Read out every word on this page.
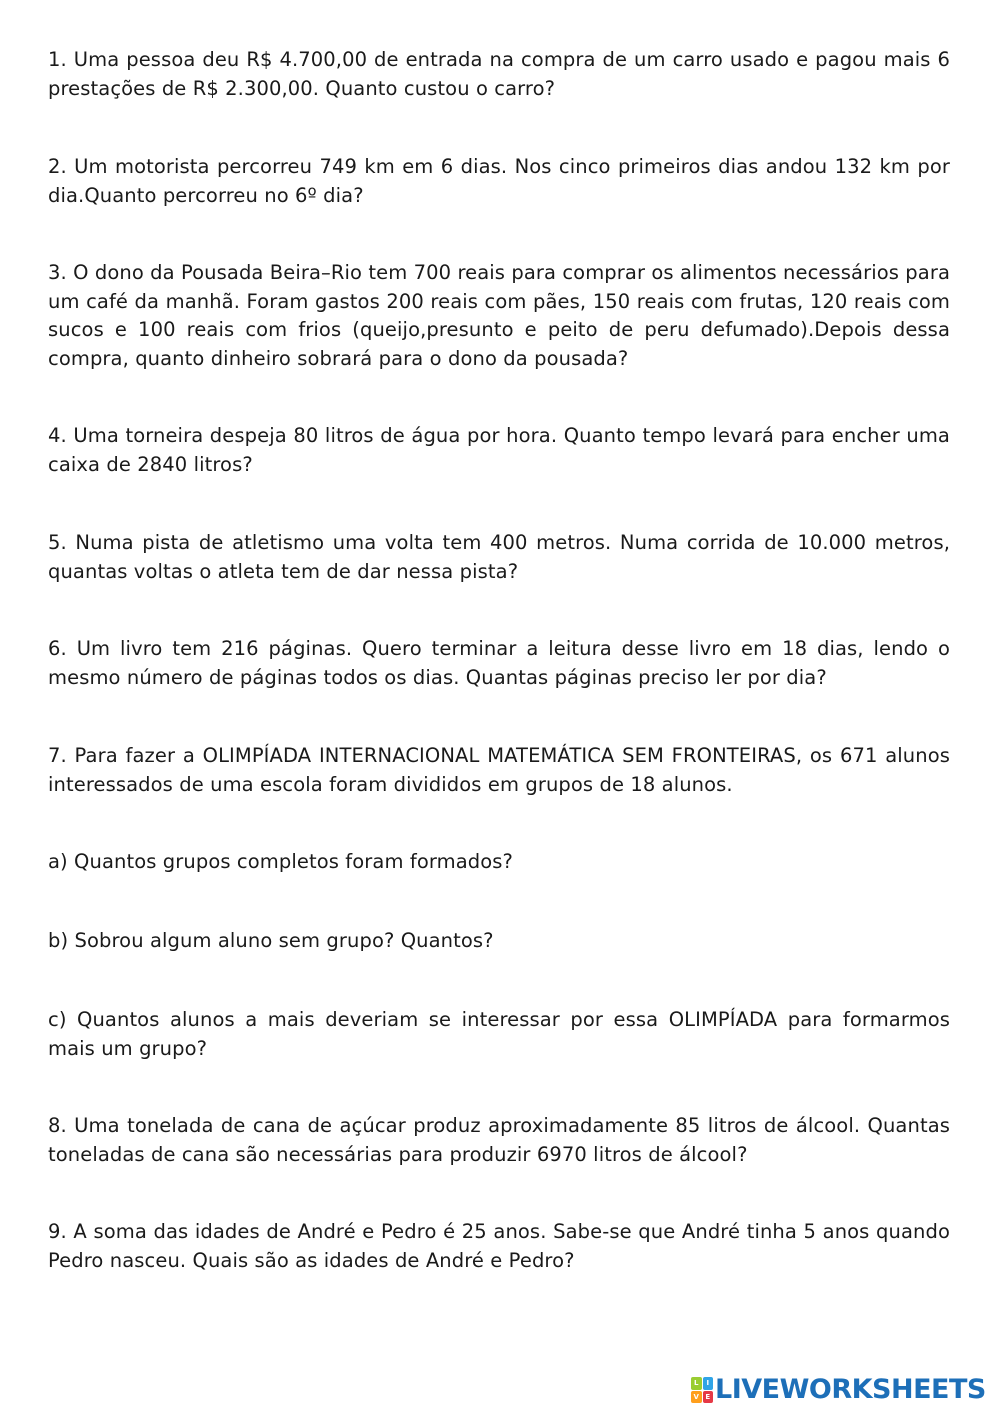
1. Uma pessoa deu R$ 4.700,00 de entrada na compra de um carro usado e pagou mais 6 prestações de R$ 2.300,00. Quanto custou o carro?

2. Um motorista percorreu 749 km em 6 dias. Nos cinco primeiros dias andou 132 km por dia.Quanto percorreu no 6º dia?

3. O dono da Pousada Beira–Rio tem 700 reais para comprar os alimentos necessários para um café da manhã. Foram gastos 200 reais com pães, 150 reais com frutas, 120 reais com sucos e 100 reais com frios (queijo,presunto e peito de peru defumado).Depois dessa compra, quanto dinheiro sobrará para o dono da pousada?

4. Uma torneira despeja 80 litros de água por hora. Quanto tempo levará para encher uma caixa de 2840 litros?

5. Numa pista de atletismo uma volta tem 400 metros. Numa corrida de 10.000 metros, quantas voltas o atleta tem de dar nessa pista?

6. Um livro tem 216 páginas. Quero terminar a leitura desse livro em 18 dias, lendo o mesmo número de páginas todos os dias. Quantas páginas preciso ler por dia?

7. Para fazer a OLIMPÍADA INTERNACIONAL MATEMÁTICA SEM FRONTEIRAS, os 671 alunos interessados de uma escola foram divididos em grupos de 18 alunos.

a) Quantos grupos completos foram formados?

b) Sobrou algum aluno sem grupo? Quantos?

c) Quantos alunos a mais deveriam se interessar por essa OLIMPÍADA para formarmos mais um grupo?

8. Uma tonelada de cana de açúcar produz aproximadamente 85 litros de álcool. Quantas toneladas de cana são necessárias para produzir 6970 litros de álcool?

9. A soma das idades de André e Pedro é 25 anos. Sabe-se que André tinha 5 anos quando Pedro nasceu. Quais são as idades de André e Pedro?

L	I
V E LIVEWORKSHEETS
